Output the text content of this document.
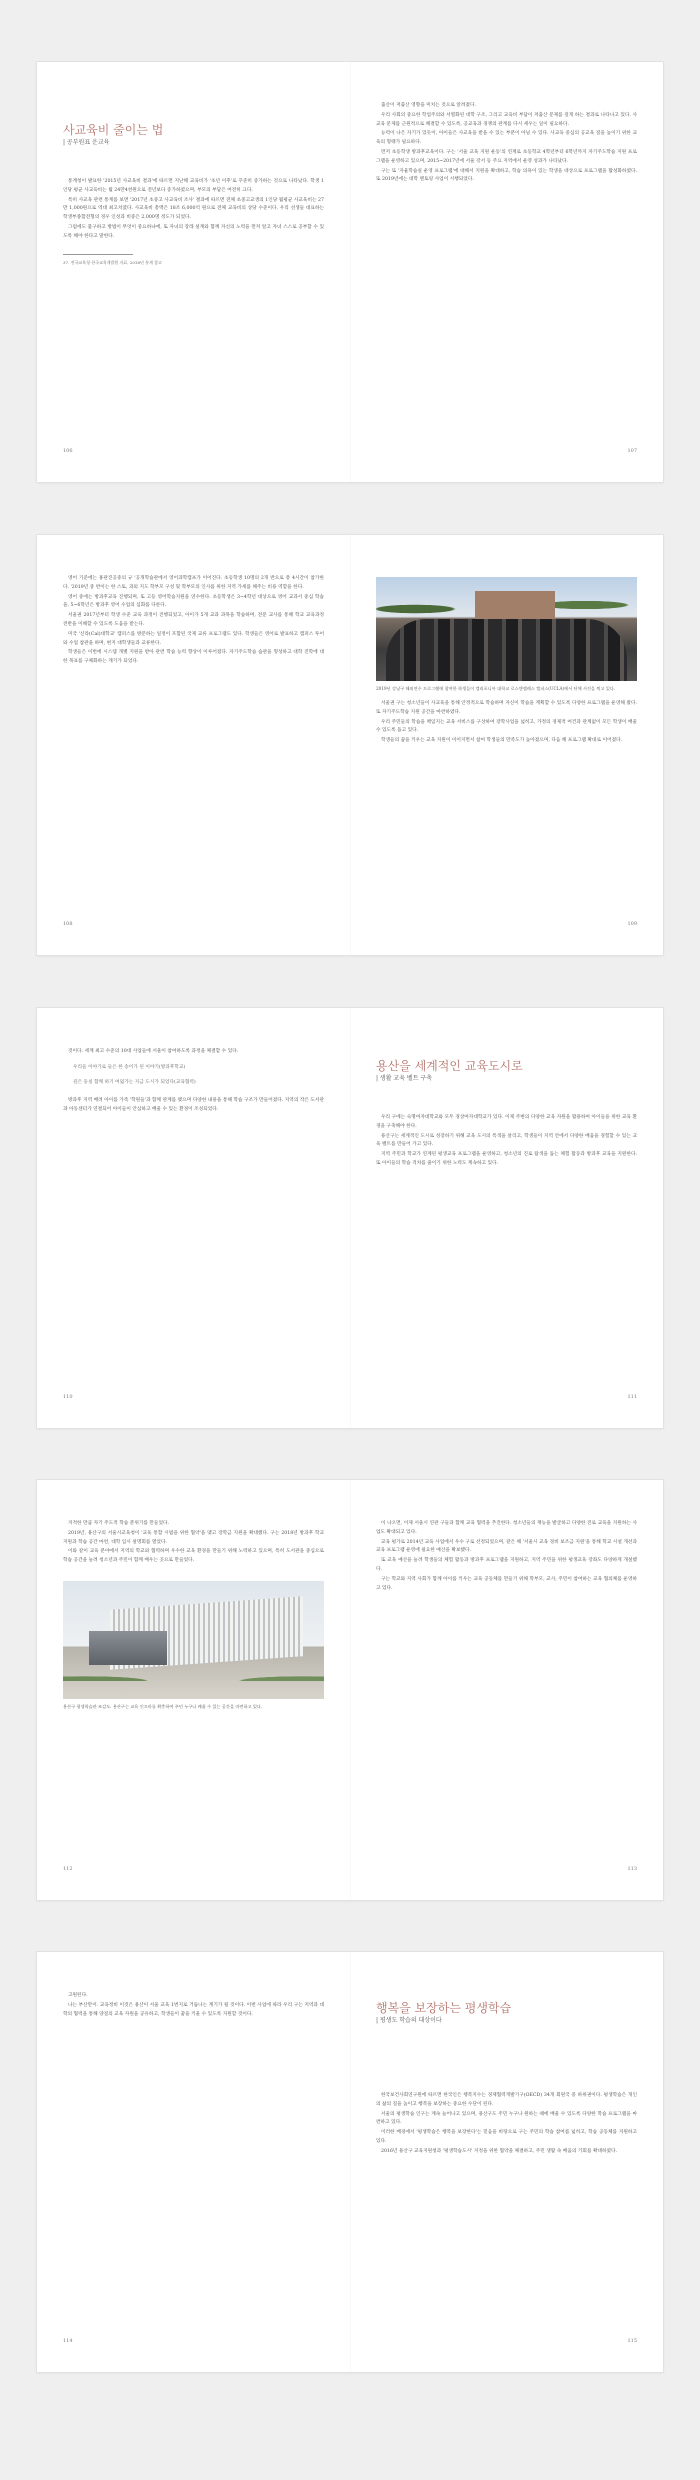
사교육비 줄이는 법
| 공부원표 운교육

통계청이 발표한 '2015년 사교육비 결과'에 따르면 지난해 교육비가 '초년 이후'로 꾸준히 증가하는 것으로 나타났다. 학생 1인당 평균 사교육비는 월 24만4천원으로 전년보다 증가하였으며, 부모의 부담은 여전히 크다.

특히 사교육 관련 통계를 보면 '2017년 초중고 사교육비 조사' 결과에 따르면 전체 초중고교생의 1인당 월평균 사교육비는 27만 1,000원으로 역대 최고치였다. 사교육비 총액은 18조 6,000억 원으로 전체 교육비의 상당 수준이다. 우리 선생들 대표하는 학생부종합전형의 경우 인성과 비중은 2,000명 정도가 되었다.

그럼에도 불구하고 방법이 무엇이 중요하냐에, 또 자녀의 장래 설계와 함께 자신의 노력을 먼저 알고 자녀 스스로 공부할 수 있도록 해야 한다고 말한다.

37. 전국교육청·한국교육개발원 자료, 2016년 통계 참고
106

출산이 저출산 영향을 미치는 것으로 알려졌다.

우리 사회의 중요한 학업주의와 서열화된 대학 구조, 그리고 교육비 부담이 저출산 문제를 깊게 하는 결과로 나타나고 있다. 사교육 문제를 근원적으로 해결할 수 있도록, 공교육과 경쟁의 관계를 다시 세우는 일이 필요하다.

능력이 나은 자기가 있듯이, 아이들은 사교육을 받을 수 있는 부분이 아닐 수 있다. 사교육 중심의 공교육 질을 높이기 위한 교육의 형태가 필요하다.

먼저 초등학생 방과후교육이다. 구는 '서울 교육 지원 운동'의 연계로 초등학교 4학년부터 6학년까지 자기주도학습 지원 프로그램을 운영하고 있으며, 2015~2017년에 서울 강서 등 주요 지역에서 운영 성과가 나타났다.

구는 또 '자율학습실 운영 프로그램'에 대해서 지원을 확대하고, 학습 의욕이 있는 학생을 대상으로 프로그램을 활성화하였다. 또 2019년에는 대학 멘토링 사업이 시행되었다.

107

영어 기준에는 홍관진공중의 규 '공개학습관에서 영어과학캠프가 이어진다. 초등학생 10명의 2개 반으로 총 4시간이 참가한다. '2019년 중 반이는 한 스토, 과외 지도 학부모 구성 및 학부모의 인사를 위한 지역 가세를 해주는 비용 역할을 한다.

영어 중에는 방과후교육 진행되며, 또 고등 영어학습지원을 연수한다. 초등학생은 3~4학년 대상으로 영어 교과서 중심 학습을, 5~6학년은 방과후 영어 수업의 심화를 다룬다.

서울권 2017년부터 학생 수준 교육 과정이 진행되었고, 아이가 5개 교과 과목을 학습하며, 전문 교사를 통해 학교 교육과정 전반을 이해할 수 있도록 도움을 받는다.

미국 '신라(Cal)대학교' 캠퍼스를 방문하는 일정이 포함된 국제 교류 프로그램도 있다. 학생들은 영어로 발표하고 캠퍼스 투어와 수업 참관을 하며, 현지 대학생들과 교류한다.

학생들은 이번에 시스템 개별 지원을 받아 관련 학습 능력 향상이 이루어졌다. 자기주도학습 습관을 형성하고 대학 진학에 대한 목표를 구체화하는 계기가 되었다.

108
2019년 강남구 해외연수 프로그램에 참여한 학생들이 캘리포니아 대학교 로스앤젤레스 캠퍼스(UCLA)에서 단체 사진을 찍고 있다.

서울권 구는 청소년들이 사교육을 통해 안정적으로 학습하며 자신이 학습을 계획할 수 있도록 다양한 프로그램을 운영해 왔다. 또 자기주도학습 지원 공간을 마련하였다.

우리 주민들의 학습을 책임지는 교육 서비스를 구상하여 장학사업을 넓히고, 가정의 경제적 여건과 관계없이 모든 학생이 배울 수 있도록 돕고 있다.

학생들의 꿈을 키우는 교육 지원이 이어지면서 참여 학생들의 만족도가 높아졌으며, 다음 해 프로그램 확대로 이어졌다.

109

것이다. 세계 최고 수준의 10대 사업들에 서울이 참여하도록 과정을 체결할 수 있다.

우리들 이야기로 들은 한 송이가 된 이야기(방과후학교)

깊은 둥실 함께 하기 여덟가는 지금 도시가 되었다(교육협력)

방과후 지역 배려 아이를 가족 '학원들'과 함께 관계를 맺으며 다양한 내용을 통해 학습 구조가 만들어졌다. 지역의 작은 도서관과 아동센터가 연결되어 아이들이 안심하고 배울 수 있는 환경이 조성되었다.

110
용산을 세계적인 교육도시로
| 생활 교육 벨트 구축

우리 구에는 숙명여자대학교와 모두 경상여자대학교가 있다. 이제 주변의 다양한 교육 자원을 활용하여 아이들을 위한 교육 환경을 구축해야 한다.

용산구는 세계적인 도시로 성장하기 위해 교육 도시의 특색을 살리고, 학생들이 지역 안에서 다양한 배움을 경험할 수 있는 교육 벨트를 만들어 가고 있다.

지역 주민과 학교가 연계된 평생교육 프로그램을 운영하고, 청소년의 진로 탐색을 돕는 체험 활동과 방과후 교육을 지원한다. 또 아이들의 학습 격차를 줄이기 위한 노력도 계속하고 있다.

111

지적한 만큼 자기 주도적 학습 분위기를 만들었다.

2019년, 용산구의 서울시교육청이 '교육 통합 시범을 위한 협약'을 맺고 장학금 지원을 확대했다. 구는 2018년 방과후 학교 지원과 학습 공간 마련, 대학 입시 설명회를 열었다.

이와 같이 교육 분야에서 지역의 학교와 협력하며 우수한 교육 환경을 만들기 위해 노력하고 있으며, 특히 도서관을 중심으로 학습 공간을 늘려 청소년과 주민이 함께 배우는 곳으로 만들었다.

용산구 평생학습관 조감도. 용산구는 교육 인프라를 확충하여 주민 누구나 배울 수 있는 공간을 마련하고 있다.
112

이 나오면, 이제 서울시 연관 구들과 함께 교육 협력을 추진한다. 청소년들의 재능을 발굴하고 다양한 진로 교육을 지원하는 사업도 확대되고 있다.

교육 평가로 2014년 교육 사업에서 우수 구로 선정되었으며, 같은 해 '서울시 교육 경비 보조금 지원'을 통해 학교 시설 개선과 교육 프로그램 운영에 필요한 예산을 확보했다.

또 교육 예산을 늘려 학생들의 체험 활동과 방과후 프로그램을 지원하고, 지역 주민을 위한 평생교육 강좌도 다양하게 개설했다.

구는 학교와 지역 사회가 함께 아이를 키우는 교육 공동체를 만들기 위해 학부모, 교사, 주민이 참여하는 교육 협의체를 운영하고 있다.

113

고원된다.

나는 부산만이. 교육정비 이것은 용산이 서울 교육 1번지로 거듭나는 계기가 될 것이다. 이번 사업에 따라 우리 구는 지역과 대학의 협력을 통해 양질의 교육 자원을 공유하고, 학생들이 꿈을 키울 수 있도록 지원할 것이다.

114
행복을 보장하는 평생학습
| 평생도 학습의 대상이다

한국보건사회연구원에 따르면 한국인은 행복지수는 경제협력개발기구(OECD) 34개 회원국 중 하위권이다. 평생학습은 개인의 삶의 질을 높이고 행복을 보장하는 중요한 수단이 된다.

서울의 평생학습 인구는 계속 늘어나고 있으며, 용산구도 주민 누구나 원하는 때에 배울 수 있도록 다양한 학습 프로그램을 마련하고 있다.

이러한 배경에서 '평생학습은 행복을 보장한다'는 믿음을 바탕으로 구는 주민의 학습 참여를 넓히고, 학습 공동체를 지원하고 있다.

2016년 용산구 교육지원청과 '평생학습도시' 지정을 위한 협약을 체결하고, 주민 생활 속 배움의 기회를 확대하였다.

115
